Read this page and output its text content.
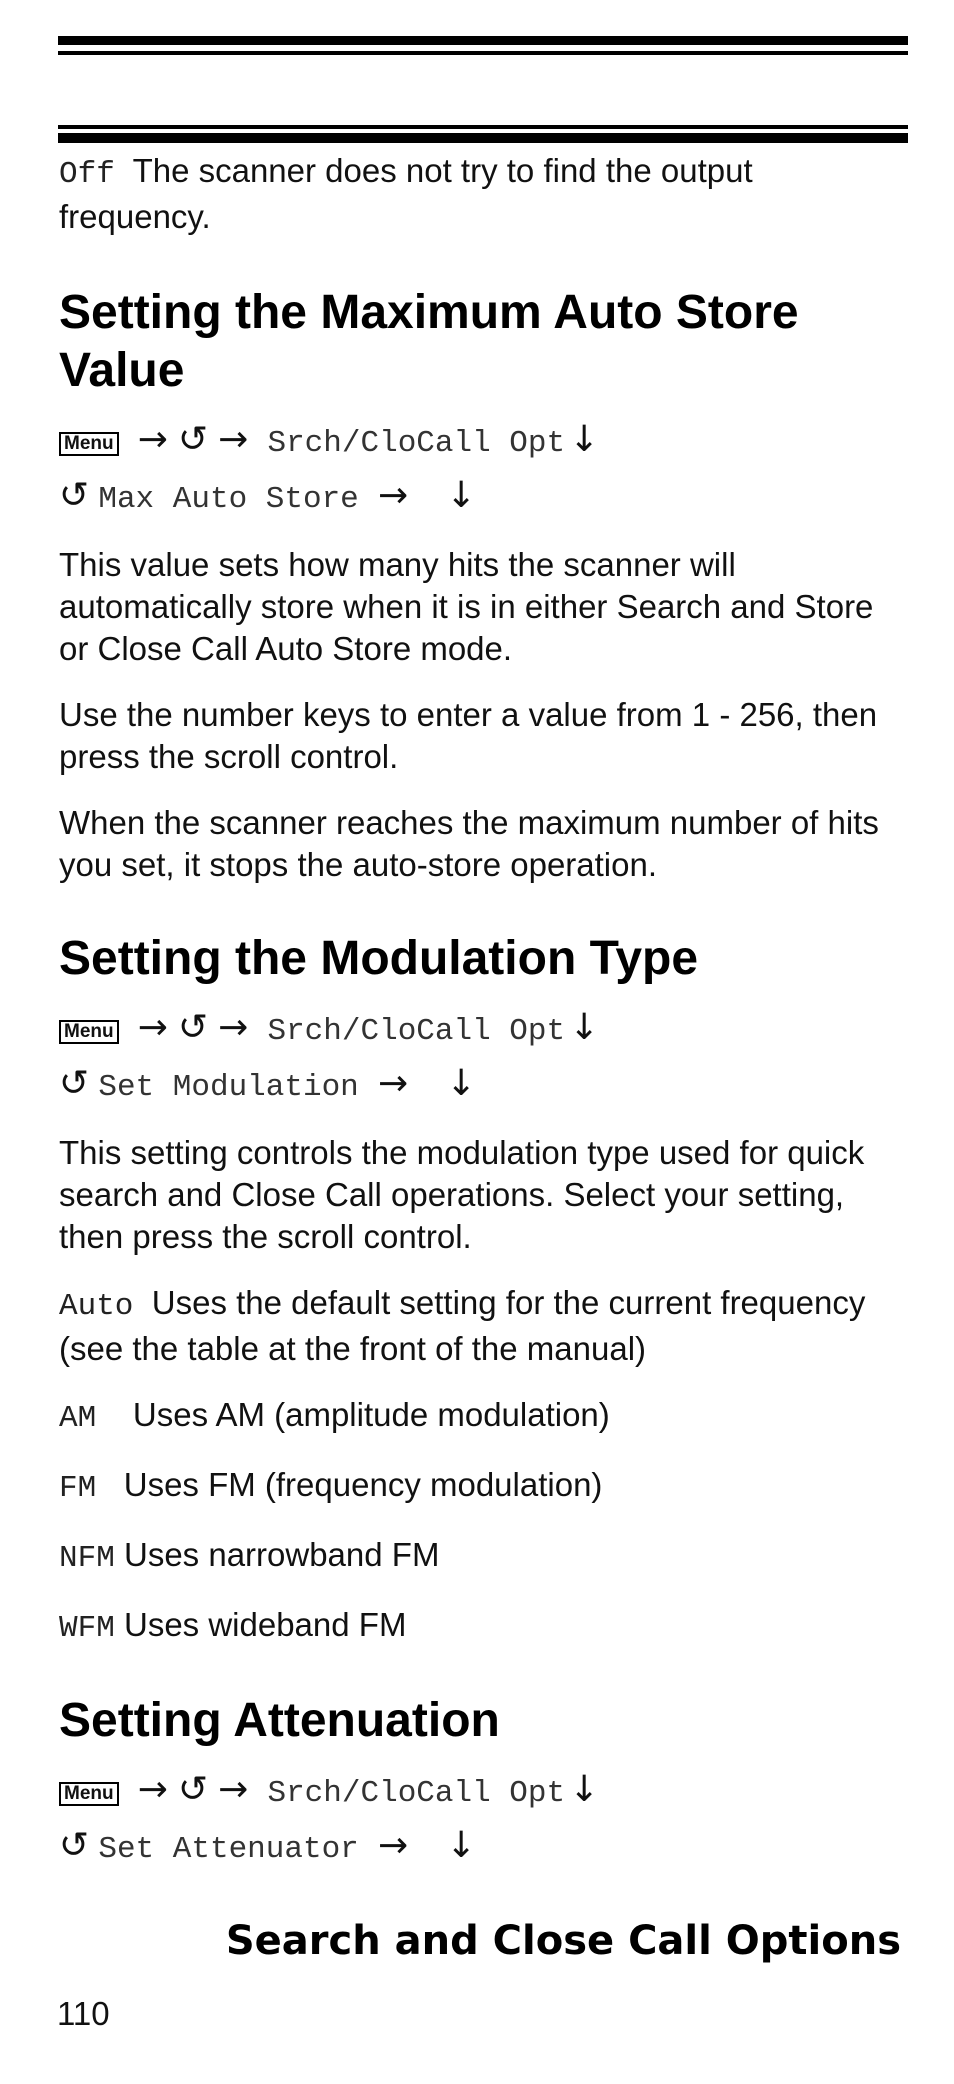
Off The scanner does not try to find the output frequency.

Setting the Maximum Auto Store Value

Menu → ↺ → Srch/CloCall Opt ↓

↺ Max Auto Store → ↓

This value sets how many hits the scanner will automatically store when it is in either Search and Store or Close Call Auto Store mode.

Use the number keys to enter a value from 1 - 256, then press the scroll control.

When the scanner reaches the maximum number of hits you set, it stops the auto-store operation.

Setting the Modulation Type

Menu → ↺ → Srch/CloCall Opt ↓

↺ Set Modulation → ↓

This setting controls the modulation type used for quick search and Close Call operations. Select your setting, then press the scroll control.

Auto Uses the default setting for the current frequency (see the table at the front of the manual)

AM Uses AM (amplitude modulation)

FM Uses FM (frequency modulation)

NFM Uses narrowband FM

WFM Uses wideband FM

Setting Attenuation

Menu → ↺ → Srch/CloCall Opt ↓

↺ Set Attenuator → ↓

Search and Close Call Options
110
